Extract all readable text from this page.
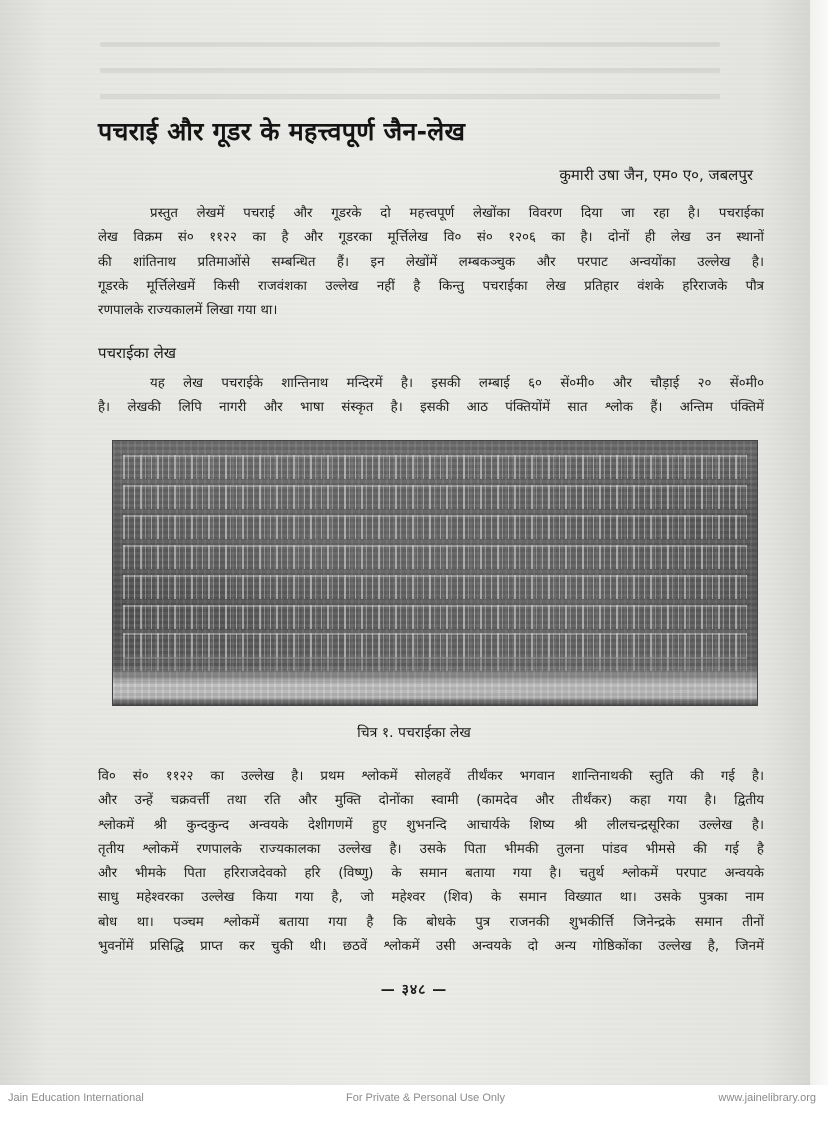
पचराई और गूडर के महत्त्वपूर्ण जैन-लेख
कुमारी उषा जैन, एम० ए०, जबलपुर
प्रस्तुत लेखमें पचराई और गूडरके दो महत्त्वपूर्ण लेखोंका विवरण दिया जा रहा है। पचराईका
लेख विक्रम सं० ११२२ का है और गूडरका मूर्त्तिलेख वि० सं० १२०६ का है। दोनों ही लेख उन स्थानों
की शांतिनाथ प्रतिमाओंसे सम्बन्धित हैं। इन लेखोंमें लम्बकञ्चुक और परपाट अन्वयोंका उल्लेख है।
गूडरके मूर्त्तिलेखमें किसी राजवंशका उल्लेख नहीं है किन्तु पचराईका लेख प्रतिहार वंशके हरिराजके पौत्र
रणपालके राज्यकालमें लिखा गया था।
पचराईका लेख
यह लेख पचराईके शान्तिनाथ मन्दिरमें है। इसकी लम्बाई ६० सें०मी० और चौड़ाई २० सें०मी०
है। लेखकी लिपि नागरी और भाषा संस्कृत है। इसकी आठ पंक्तियोंमें सात श्लोक हैं। अन्तिम पंक्तिमें
चित्र १. पचराईका लेख
वि० सं० ११२२ का उल्लेख है। प्रथम श्लोकमें सोलहवें तीर्थंकर भगवान शान्तिनाथकी स्तुति की गई है।
और उन्हें चक्रवर्त्ती तथा रति और मुक्ति दोनोंका स्वामी (कामदेव और तीर्थंकर) कहा गया है। द्वितीय
श्लोकमें श्री कुन्दकुन्द अन्वयके देशीगणमें हुए शुभनन्दि आचार्यके शिष्य श्री लीलचन्द्रसूरिका उल्लेख है।
तृतीय श्लोकमें रणपालके राज्यकालका उल्लेख है। उसके पिता भीमकी तुलना पांडव भीमसे की गई है
और भीमके पिता हरिराजदेवको हरि (विष्णु) के समान बताया गया है। चतुर्थ श्लोकमें परपाट अन्वयके
साधु महेश्वरका उल्लेख किया गया है, जो महेश्वर (शिव) के समान विख्यात था। उसके पुत्रका नाम
बोध था। पञ्चम श्लोकमें बताया गया है कि बोधके पुत्र राजनकी शुभकीर्त्ति जिनेन्द्रके समान तीनों
भुवनोंमें प्रसिद्धि प्राप्त कर चुकी थी। छठवें श्लोकमें उसी अन्वयके दो अन्य गोष्ठिकोंका उल्लेख है, जिनमें
— ३४८ —
Jain Education International	For Private & Personal Use Only	www.jainelibrary.org
